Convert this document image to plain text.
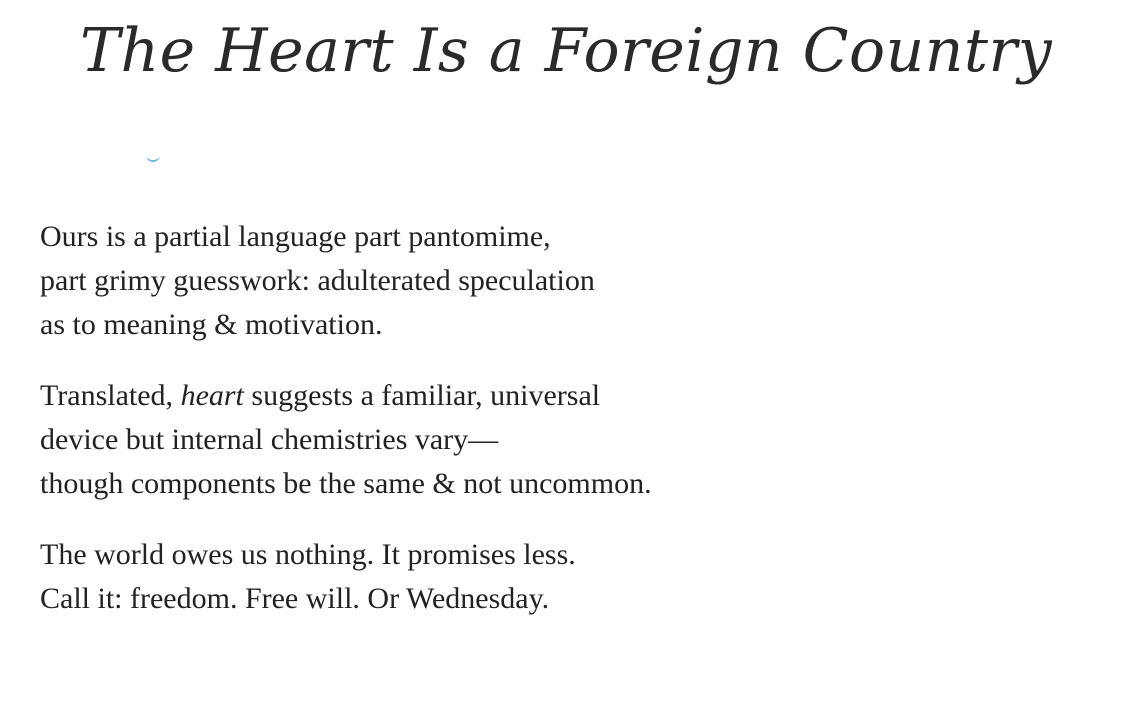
The Heart Is a Foreign Country

Ours is a partial language part pantomime,
part grimy guesswork: adulterated speculation
as to meaning & motivation.

Translated, heart suggests a familiar, universal
device but internal chemistries vary—
though components be the same & not uncommon.

The world owes us nothing. It promises less.
Call it: freedom. Free will. Or Wednesday.
